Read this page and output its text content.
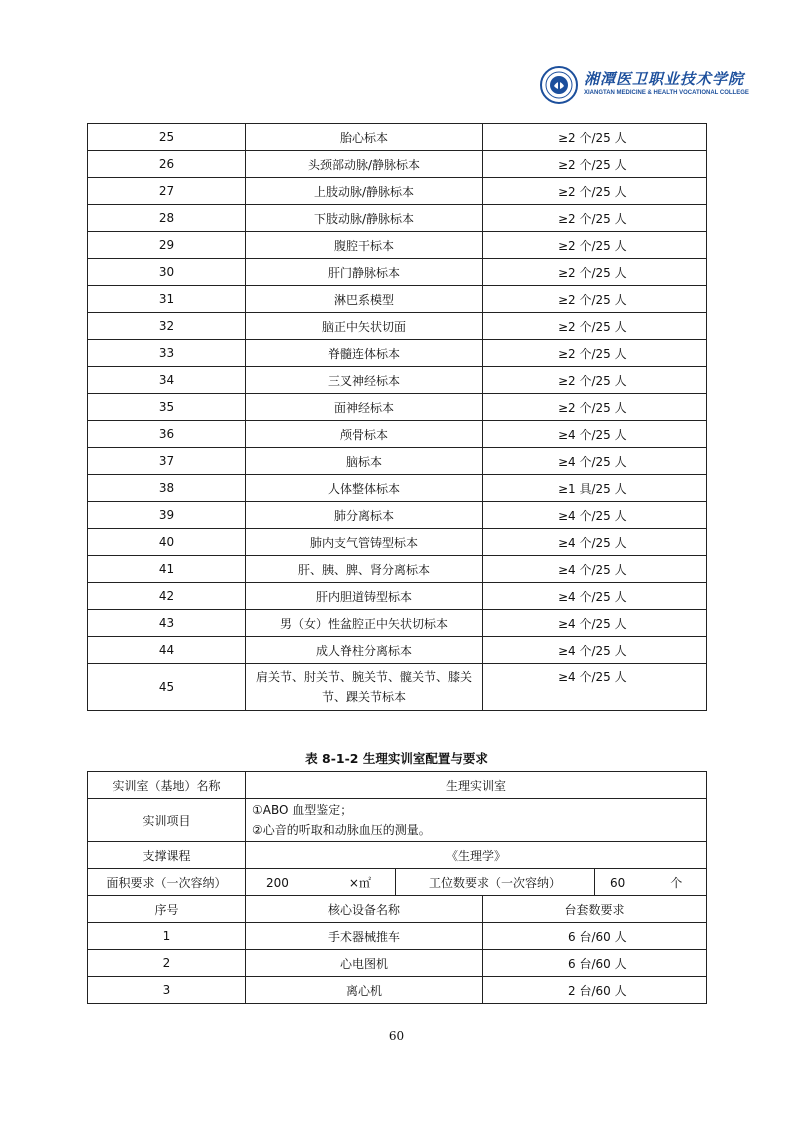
湘潭医卫职业技术学院
XIANGTAN MEDICINE & HEALTH VOCATIONAL COLLEGE
25	胎心标本	≥2 个/25 人
26	头颈部动脉/静脉标本	≥2 个/25 人
27	上肢动脉/静脉标本	≥2 个/25 人
28	下肢动脉/静脉标本	≥2 个/25 人
29	腹腔干标本	≥2 个/25 人
30	肝门静脉标本	≥2 个/25 人
31	淋巴系模型	≥2 个/25 人
32	脑正中矢状切面	≥2 个/25 人
33	脊髓连体标本	≥2 个/25 人
34	三叉神经标本	≥2 个/25 人
35	面神经标本	≥2 个/25 人
36	颅骨标本	≥4 个/25 人
37	脑标本	≥4 个/25 人
38	人体整体标本	≥1 具/25 人
39	肺分离标本	≥4 个/25 人
40	肺内支气管铸型标本	≥4 个/25 人
41	肝、胰、脾、肾分离标本	≥4 个/25 人
42	肝内胆道铸型标本	≥4 个/25 人
43	男（女）性盆腔正中矢状切标本	≥4 个/25 人
44	成人脊柱分离标本	≥4 个/25 人
45	肩关节、肘关节、腕关节、髋关节、膝关
节、踝关节标本	≥4 个/25 人
表 8-1-2 生理实训室配置与要求
实训室（基地）名称	生理实训室			
实训项目	①ABO 血型鉴定；
②心音的听取和动脉血压的测量。			

支撑课程	《生理学》			
面积要求（一次容纳）	200 ×㎡	工位数要求（一次容纳）		60 个
序号	核心设备名称		台套数要求	
1	手术器械推车		6 台/60 人	
2	心电图机		6 台/60 人	
3	离心机		2 台/60 人	
60
